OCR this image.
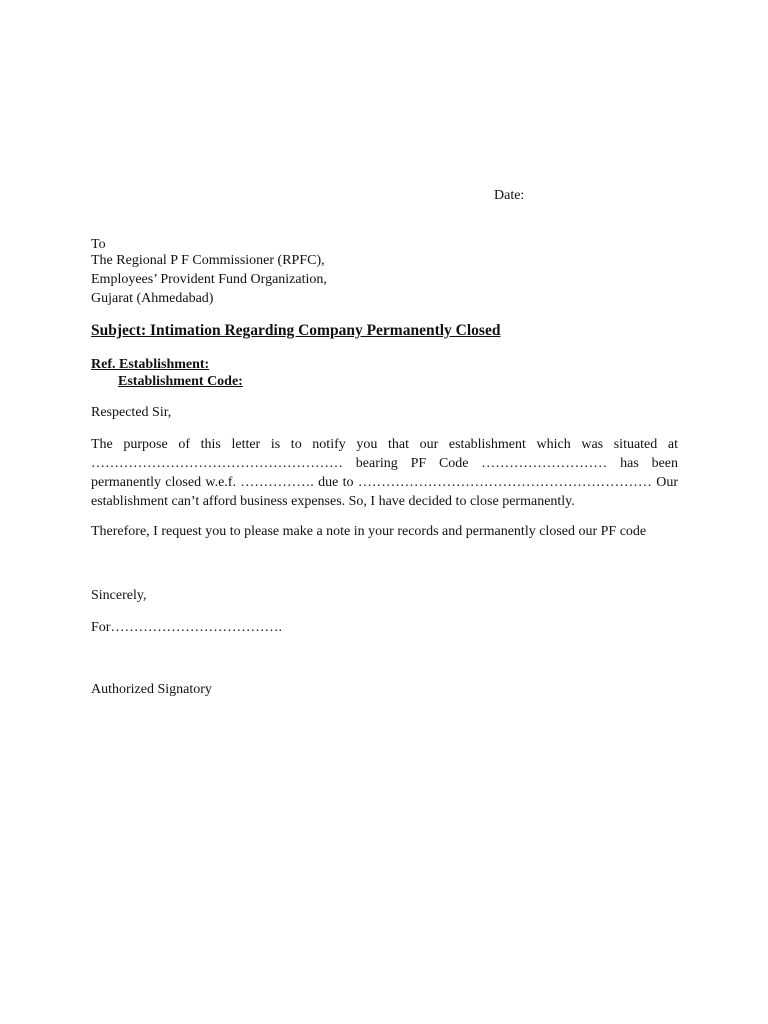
Date:
To
The Regional P F Commissioner (RPFC),
Employees’ Provident Fund Organization,
Gujarat (Ahmedabad)
Subject: Intimation Regarding Company Permanently Closed
Ref. Establishment:
Establishment Code:
Respected Sir,
The purpose of this letter is to notify you that our establishment which was situated at
……………………………………………… bearing PF Code ……………………… has been
permanently closed w.e.f. ……………. due to ……………………………………………………… Our
establishment can’t afford business expenses. So, I have decided to close permanently.
Therefore, I request you to please make a note in your records and permanently closed our PF code
Sincerely,
For……………………………….
Authorized Signatory
